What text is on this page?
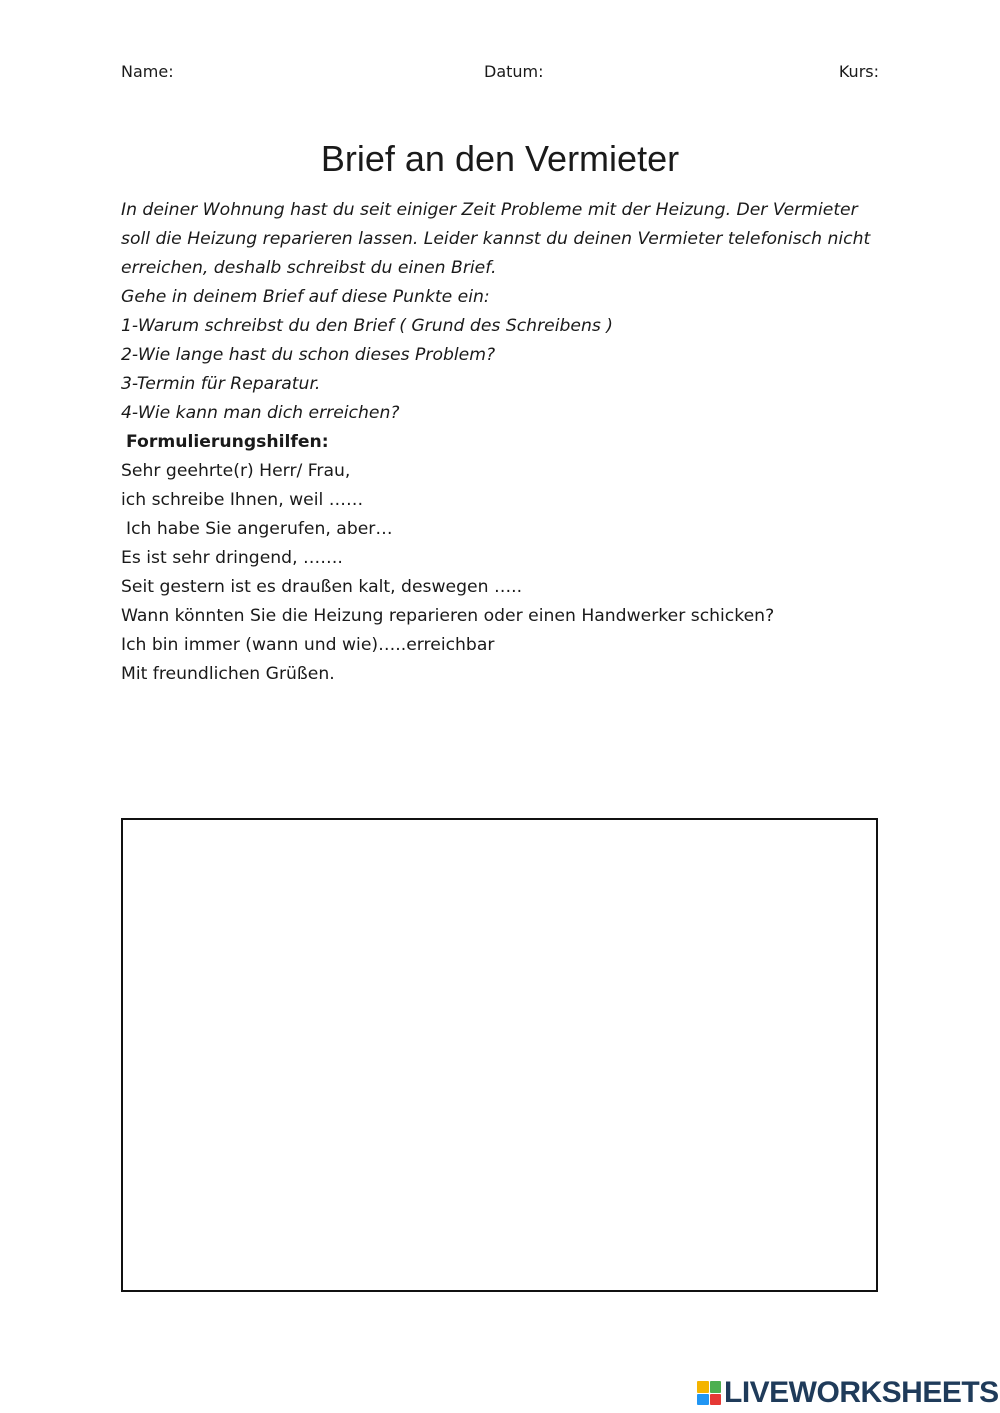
Name:	Datum:	Kurs:
Brief an den Vermieter
In deiner Wohnung hast du seit einiger Zeit Probleme mit der Heizung. Der Vermieter
soll die Heizung reparieren lassen. Leider kannst du deinen Vermieter telefonisch nicht
erreichen, deshalb schreibst du einen Brief.
Gehe in deinem Brief auf diese Punkte ein:
1-Warum schreibst du den Brief ( Grund des Schreibens )
2-Wie lange hast du schon dieses Problem?
3-Termin für Reparatur.
4-Wie kann man dich erreichen?
Formulierungshilfen:
Sehr geehrte(r) Herr/ Frau,
ich schreibe Ihnen, weil ……
Ich habe Sie angerufen, aber…
Es ist sehr dringend, …….
Seit gestern ist es draußen kalt, deswegen …..
Wann könnten Sie die Heizung reparieren oder einen Handwerker schicken?
Ich bin immer (wann und wie)…..erreichbar
Mit freundlichen Grüßen.
LIVEWORKSHEETS
